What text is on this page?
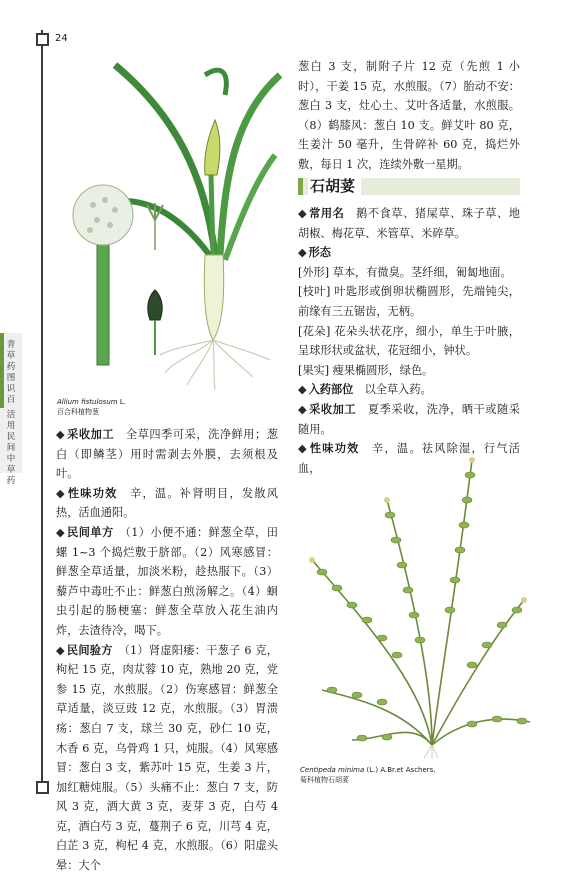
24
青草药图识百
活用民间中草药
Allium fistulosum L.
百合科植物葱

◆ 采收加工　 全草四季可采，洗净鲜用；葱白（即鳞茎）用时需剥去外膜，去须根及叶。

◆ 性味功效　 辛，温。补肾明目，发散风热，活血通阳。

◆ 民间单方　 （1）小便不通：鲜葱全草，田螺 1~3 个捣烂敷于脐部。（2）风寒感冒：鲜葱全草适量，加淡米粉，趁热服下。（3）藜芦中毒吐不止：鲜葱白煎汤解之。（4）蛔虫引起的肠梗塞：鲜葱全草放入花生油内炸，去渣待冷，喝下。

◆ 民间验方　 （1）肾虚阳痿：干葱子 6 克，枸杞 15 克，肉苁蓉 10 克，熟地 20 克，党参 15 克，水煎服。（2）伤寒感冒：鲜葱全草适量，淡豆豉 12 克，水煎服。（3）胃溃疡：葱白 7 支，球兰 30 克，砂仁 10 克，木香 6 克，乌骨鸡 1 只，炖服。（4）风寒感冒：葱白 3 支，紫苏叶 15 克，生姜 3 片，加红糖炖服。（5）头痛不止：葱白 7 支，防风 3 克，酒大黄 3 克，麦芽 3 克，白芍 4 克，酒白芍 3 克，蔓荆子 6 克，川芎 4 克，白芷 3 克，枸杞 4 克，水煎服。（6）阳虚头晕：大个

葱白 3 支，制附子片 12 克（先煎 1 小时），干姜 15 克，水煎服。（7）胎动不安：葱白 3 支，灶心土、艾叶各适量，水煎服。（8）鹤膝风：葱白 10 支。鲜艾叶 80 克，生姜汁 50 毫升，生骨碎补 60 克，捣烂外敷，每日 1 次，连续外敷一星期。

石胡荽

◆ 常用名　 鹅不食草、猪屎草、珠子草、地胡椒、梅花草、米管草、米碎草。

◆ 形态

[外形] 草本，有微臭。茎纤细，匍匐地面。

[枝叶] 叶匙形或倒卵状椭圆形，先端钝尖，前缘有三五锯齿，无柄。

[花朵] 花朵头状花序，细小，单生于叶腋，呈球形状或盆状，花冠细小，钟状。

[果实] 瘦果椭圆形，绿色。

◆ 入药部位　 以全草入药。

◆ 采收加工　 夏季采收，洗净，晒干或随采随用。

◆ 性味功效　 辛，温。祛风除湿，行气活血，

Centipeda minima (L.) A.Br.et Aschers.
菊科植物石胡荽
